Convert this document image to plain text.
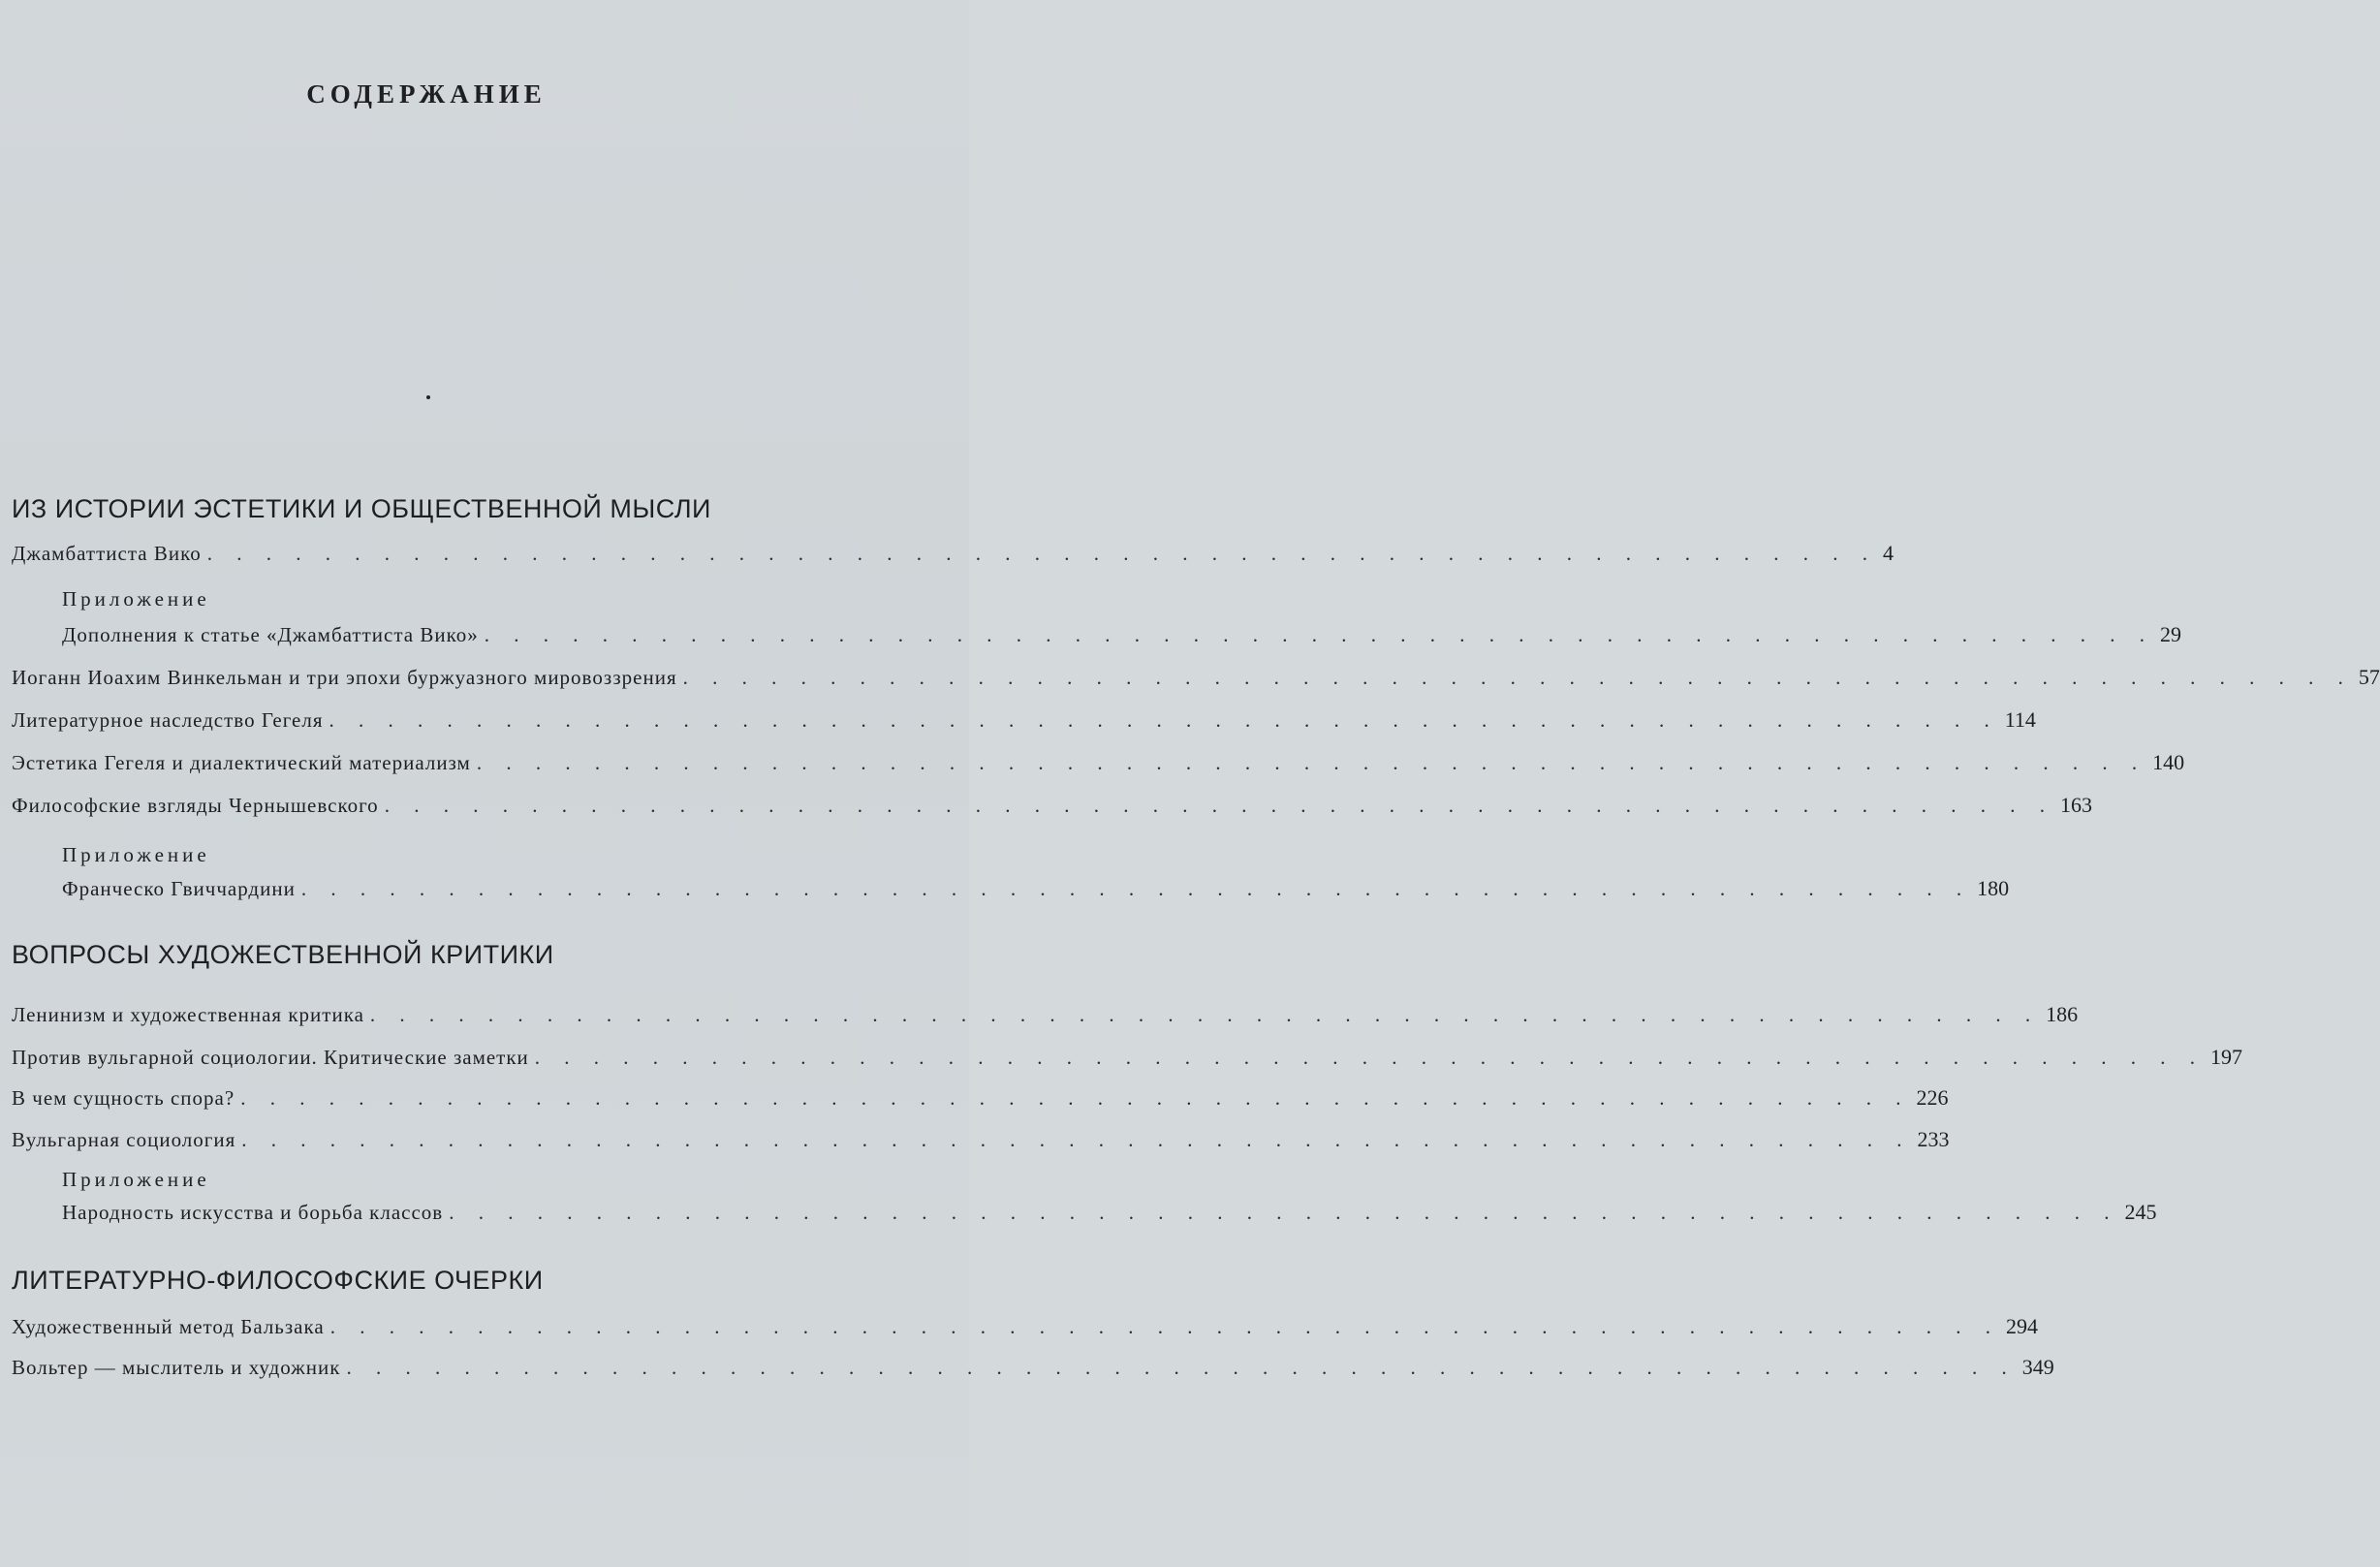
СОДЕРЖАНИЕ
ИЗ ИСТОРИИ ЭСТЕТИКИ И ОБЩЕСТВЕННОЙ МЫСЛИ
Джамбаттиста Вико . . . . . . . . . . . . . . . . . . . . . . . . . . . . . . . . . . . . . . . . . . . . . . . . . . . . . . . . . 4
Приложение
Дополнения к статье «Джамбаттиста Вико» . . . . . . . . . . . . . . . . . . . . . . . . . . . . . . . . . . . . . . . . . . . . . . . . . . . . . . . . . 29
Иоганн Иоахим Винкельман и три эпохи буржуазного мировоззрения . . . . . . . . . . . . . . . . . . . . . . . . . . . . . . . . . . . . . . . . . . . . . . . . . . . . . . . . . 57
Литературное наследство Гегеля . . . . . . . . . . . . . . . . . . . . . . . . . . . . . . . . . . . . . . . . . . . . . . . . . . . . . . . . . 114
Эстетика Гегеля и диалектический материализм . . . . . . . . . . . . . . . . . . . . . . . . . . . . . . . . . . . . . . . . . . . . . . . . . . . . . . . . . 140
Философские взгляды Чернышевского . . . . . . . . . . . . . . . . . . . . . . . . . . . . . . . . . . . . . . . . . . . . . . . . . . . . . . . . . 163
Приложение
Франческо Гвиччардини . . . . . . . . . . . . . . . . . . . . . . . . . . . . . . . . . . . . . . . . . . . . . . . . . . . . . . . . . 180
ВОПРОСЫ ХУДОЖЕСТВЕННОЙ КРИТИКИ
Ленинизм и художественная критика . . . . . . . . . . . . . . . . . . . . . . . . . . . . . . . . . . . . . . . . . . . . . . . . . . . . . . . . . 186
Против вульгарной социологии. Критические заметки . . . . . . . . . . . . . . . . . . . . . . . . . . . . . . . . . . . . . . . . . . . . . . . . . . . . . . . . . 197
В чем сущность спора? . . . . . . . . . . . . . . . . . . . . . . . . . . . . . . . . . . . . . . . . . . . . . . . . . . . . . . . . . 226
Вульгарная социология . . . . . . . . . . . . . . . . . . . . . . . . . . . . . . . . . . . . . . . . . . . . . . . . . . . . . . . . . 233
Приложение
Народность искусства и борьба классов . . . . . . . . . . . . . . . . . . . . . . . . . . . . . . . . . . . . . . . . . . . . . . . . . . . . . . . . . 245
ЛИТЕРАТУРНО-ФИЛОСОФСКИЕ ОЧЕРКИ
Художественный метод Бальзака . . . . . . . . . . . . . . . . . . . . . . . . . . . . . . . . . . . . . . . . . . . . . . . . . . . . . . . . . 294
Вольтер — мыслитель и художник . . . . . . . . . . . . . . . . . . . . . . . . . . . . . . . . . . . . . . . . . . . . . . . . . . . . . . . . . 349
